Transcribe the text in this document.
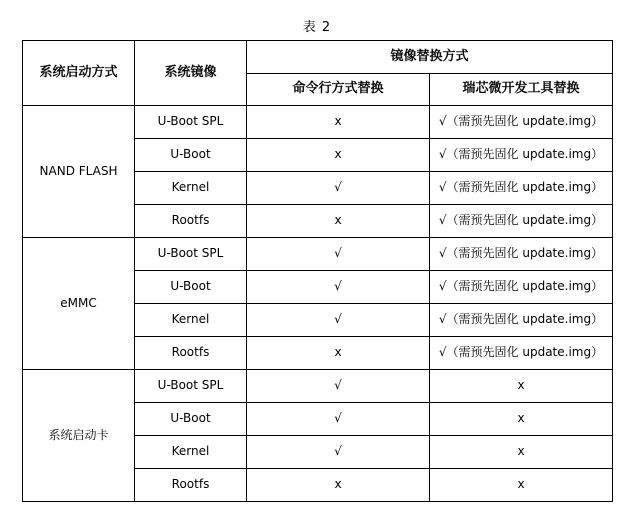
表 2
系统启动方式	系统镜像	镜像替换方式	
		命令行方式替换	瑞芯微开发工具替换
NAND FLASH	U-Boot SPL	x	√（需预先固化 update.img）
	U-Boot	x	√（需预先固化 update.img）
	Kernel	√	√（需预先固化 update.img）
	Rootfs	x	√（需预先固化 update.img）
eMMC	U-Boot SPL	√	√（需预先固化 update.img）
	U-Boot	√	√（需预先固化 update.img）
	Kernel	√	√（需预先固化 update.img）
	Rootfs	x	√（需预先固化 update.img）
系统启动卡	U-Boot SPL	√	x
	U-Boot	√	x
	Kernel	√	x
	Rootfs	x	x
